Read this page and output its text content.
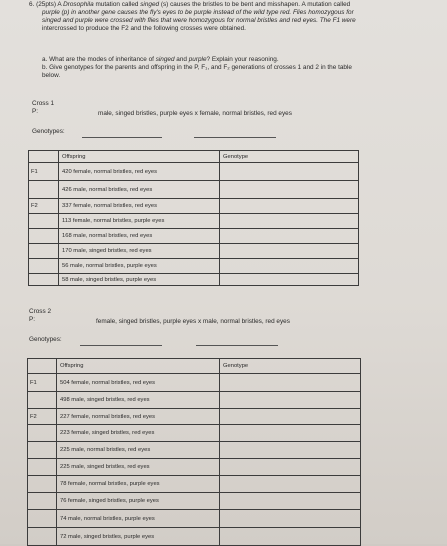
6. (25pts) A Drosophila mutation called singed (s) causes the bristles to be bent and misshapen. A mutation called
purple (p) in another gene causes the fly's eyes to be purple instead of the wild type red. Flies homozygous for
singed and purple were crossed with flies that were homozygous for normal bristles and red eyes. The F1 were
intercrossed to produce the F2 and the following crosses were obtained.
a. What are the modes of inheritance of singed and purple? Explain your reasoning.
b. Give genotypes for the parents and offspring in the P, F₁, and F₂ generations of crosses 1 and 2 in the table
below.
Cross 1
P:	male, singed bristles, purple eyes x female, normal bristles, red eyes
Genotypes:
	Offspring	Genotype
F1	420 female, normal bristles, red eyes	
	426 male, normal bristles, red eyes	
F2	337 female, normal bristles, red eyes	
	113 female, normal bristles, purple eyes	
	168 male, normal bristles, red eyes	
	170 male, singed bristles, red eyes	
	56 male, normal bristles, purple eyes	
	58 male, singed bristles, purple eyes	
Cross 2
P:	female, singed bristles, purple eyes x male, normal bristles, red eyes
Genotypes:
	Offspring	Genotype
F1	504 female, normal bristles, red eyes	
	498 male, singed bristles, red eyes	
F2	227 female, normal bristles, red eyes	
	223 female, singed bristles, red eyes	
	225 male, normal bristles, red eyes	
	225 male, singed bristles, red eyes	
	78 female, normal bristles, purple eyes	
	76 female, singed bristles, purple eyes	
	74 male, normal bristles, purple eyes	
	72 male, singed bristles, purple eyes	
